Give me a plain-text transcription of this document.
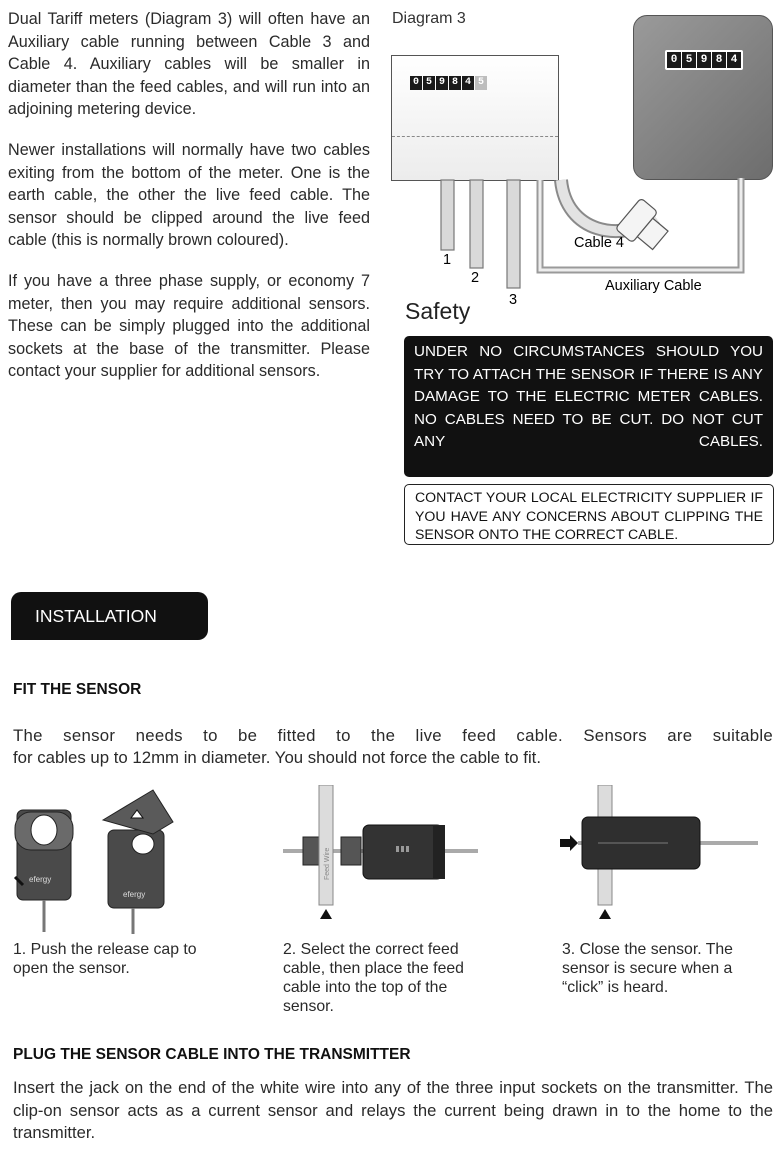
Dual Tariff meters (Diagram 3) will often have an Auxiliary cable running between Cable 3 and Cable 4. Auxiliary cables will be smaller in diameter than the feed cables, and will run into an adjoining metering device.

Newer installations will normally have two cables exiting from the bottom of the meter. One is the earth cable, the other the live feed cable. The sensor should be clipped around the live feed cable (this is normally brown coloured).

If you have a three phase supply, or economy 7 meter, then you may require additional sensors. These can be simply plugged into the additional sockets at the base of the transmitter. Please contact your supplier for additional sensors.

Diagram 3
0 5 9 8 4 5
0 5 9 8 4
1
2
3
Cable 4
Auxiliary Cable
Safety
UNDER NO CIRCUMSTANCES SHOULD YOU TRY TO ATTACH THE SENSOR IF THERE IS ANY DAMAGE TO THE ELECTRIC METER CABLES. NO CABLES NEED TO BE CUT. DO NOT CUT ANY CABLES.
CONTACT YOUR LOCAL ELECTRICITY SUPPLIER IF YOU HAVE ANY CONCERNS ABOUT CLIPPING THE SENSOR ONTO THE CORRECT CABLE.
INSTALLATION
FIT THE SENSOR
The sensor needs to be fitted to the live feed cable. Sensors are suitable
for cables up to 12mm in diameter. You should not force the cable to fit.
efergy
efergy
1. Push the release cap to open the sensor.
Feed Wire
2. Select the correct feed cable, then place the feed cable into the top of the sensor.
3. Close the sensor. The sensor is secure when a “click” is heard.
PLUG THE SENSOR CABLE INTO THE TRANSMITTER
Insert the jack on the end of the white wire into any of the three input sockets on the transmitter. The clip-on sensor acts as a current sensor and relays the current being drawn in to the home to the transmitter.
